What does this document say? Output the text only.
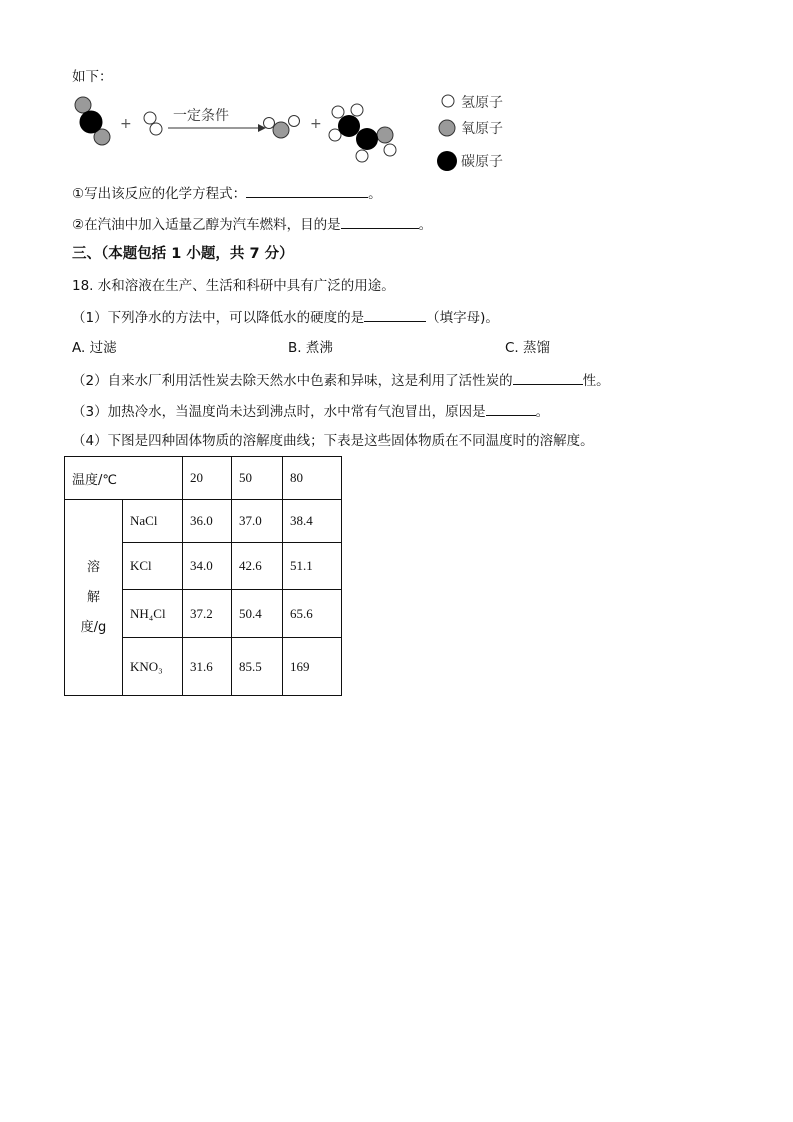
如下：
+	一定条件	+
氢原子
氧原子
碳原子
①写出该反应的化学方程式：	。
②在汽油中加入适量乙醇为汽车燃料，目的是	。
三、（本题包括 1 小题，共 7 分）
18. 水和溶液在生产、生活和科研中具有广泛的用途。
（1）下列净水的方法中，可以降低水的硬度的是	（填字母)。
A. 过滤	B. 煮沸	C. 蒸馏
（2）自来水厂利用活性炭去除天然水中色素和异味，这是利用了活性炭的	性。
（3）加热冷水，当温度尚未达到沸点时，水中常有气泡冒出，原因是	。
（4）下图是四种固体物质的溶解度曲线；下表是这些固体物质在不同温度时的溶解度。
温度/℃		20	50	80

溶
解
度/g	NaCl	36.0	37.0	38.4
	KCl	34.0	42.6	51.1
	NH₄Cl	37.2	50.4	65.6
	KNO₃	31.6	85.5	169
